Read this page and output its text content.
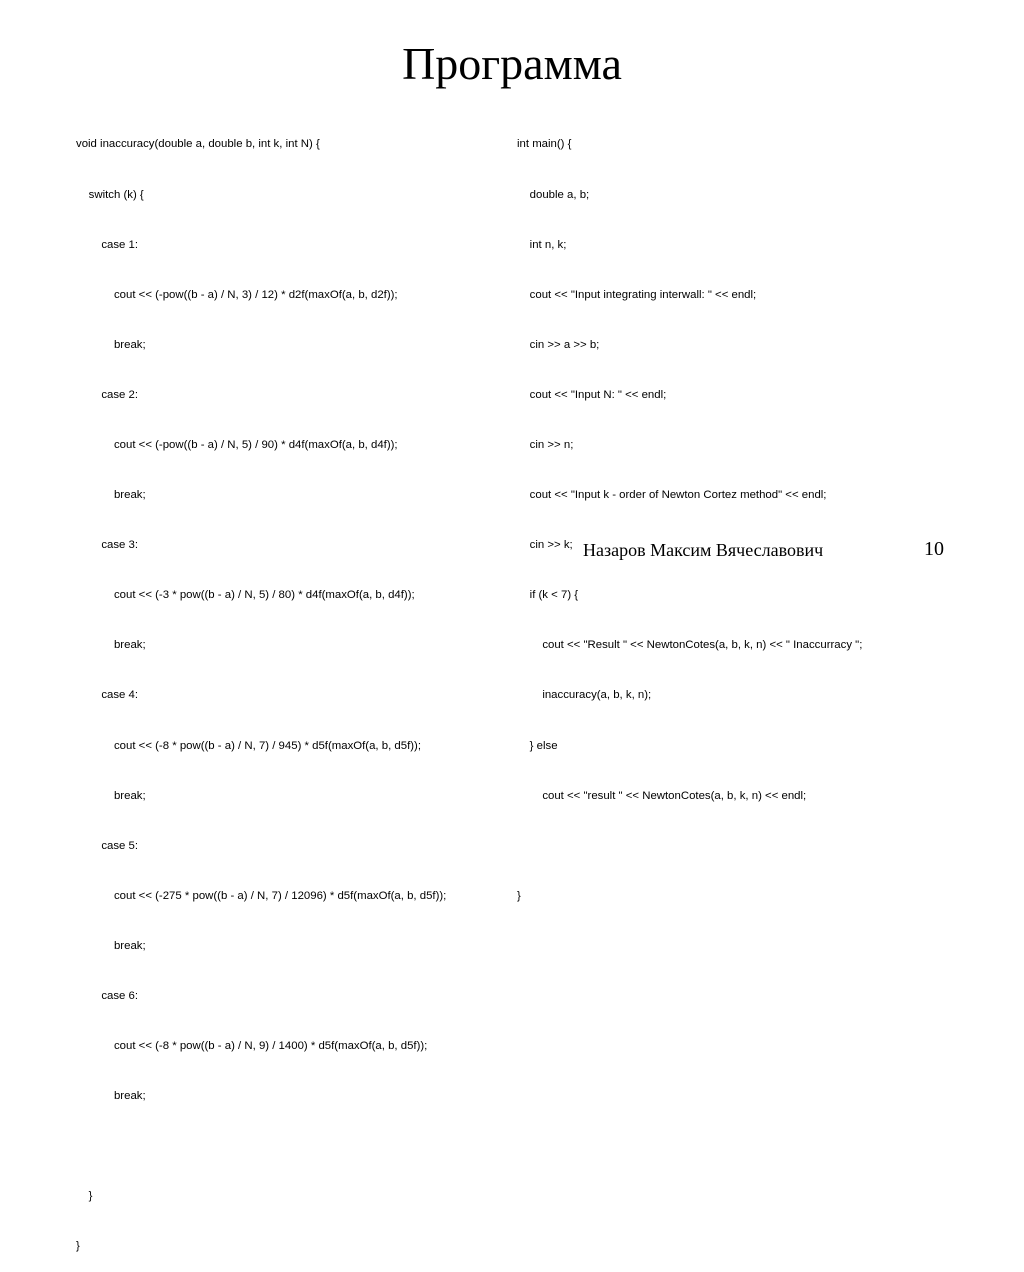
Программа

void inaccuracy(double a, double b, int k, int N) {

switch (k) {

case 1:

cout << (-pow((b - a) / N, 3) / 12) * d2f(maxOf(a, b, d2f));

break;

case 2:

cout << (-pow((b - a) / N, 5) / 90) * d4f(maxOf(a, b, d4f));

break;

case 3:

cout << (-3 * pow((b - a) / N, 5) / 80) * d4f(maxOf(a, b, d4f));

break;

case 4:

cout << (-8 * pow((b - a) / N, 7) / 945) * d5f(maxOf(a, b, d5f));

break;

case 5:

cout << (-275 * pow((b - a) / N, 7) / 12096) * d5f(maxOf(a, b, d5f));

break;

case 6:

cout << (-8 * pow((b - a) / N, 9) / 1400) * d5f(maxOf(a, b, d5f));

break;

}

}

int main() {

double a, b;

int n, k;

cout << "Input integrating interwall: " << endl;

cin >> a >> b;

cout << "Input N: " << endl;

cin >> n;

cout << "Input k - order of Newton Cortez method" << endl;

cin >> k;

if (k < 7) {

cout << "Result " << NewtonCotes(a, b, k, n) << " Inaccurracy ";

inaccuracy(a, b, k, n);

} else

cout << "result " << NewtonCotes(a, b, k, n) << endl;

}

Назаров Максим Вячеславович	10
